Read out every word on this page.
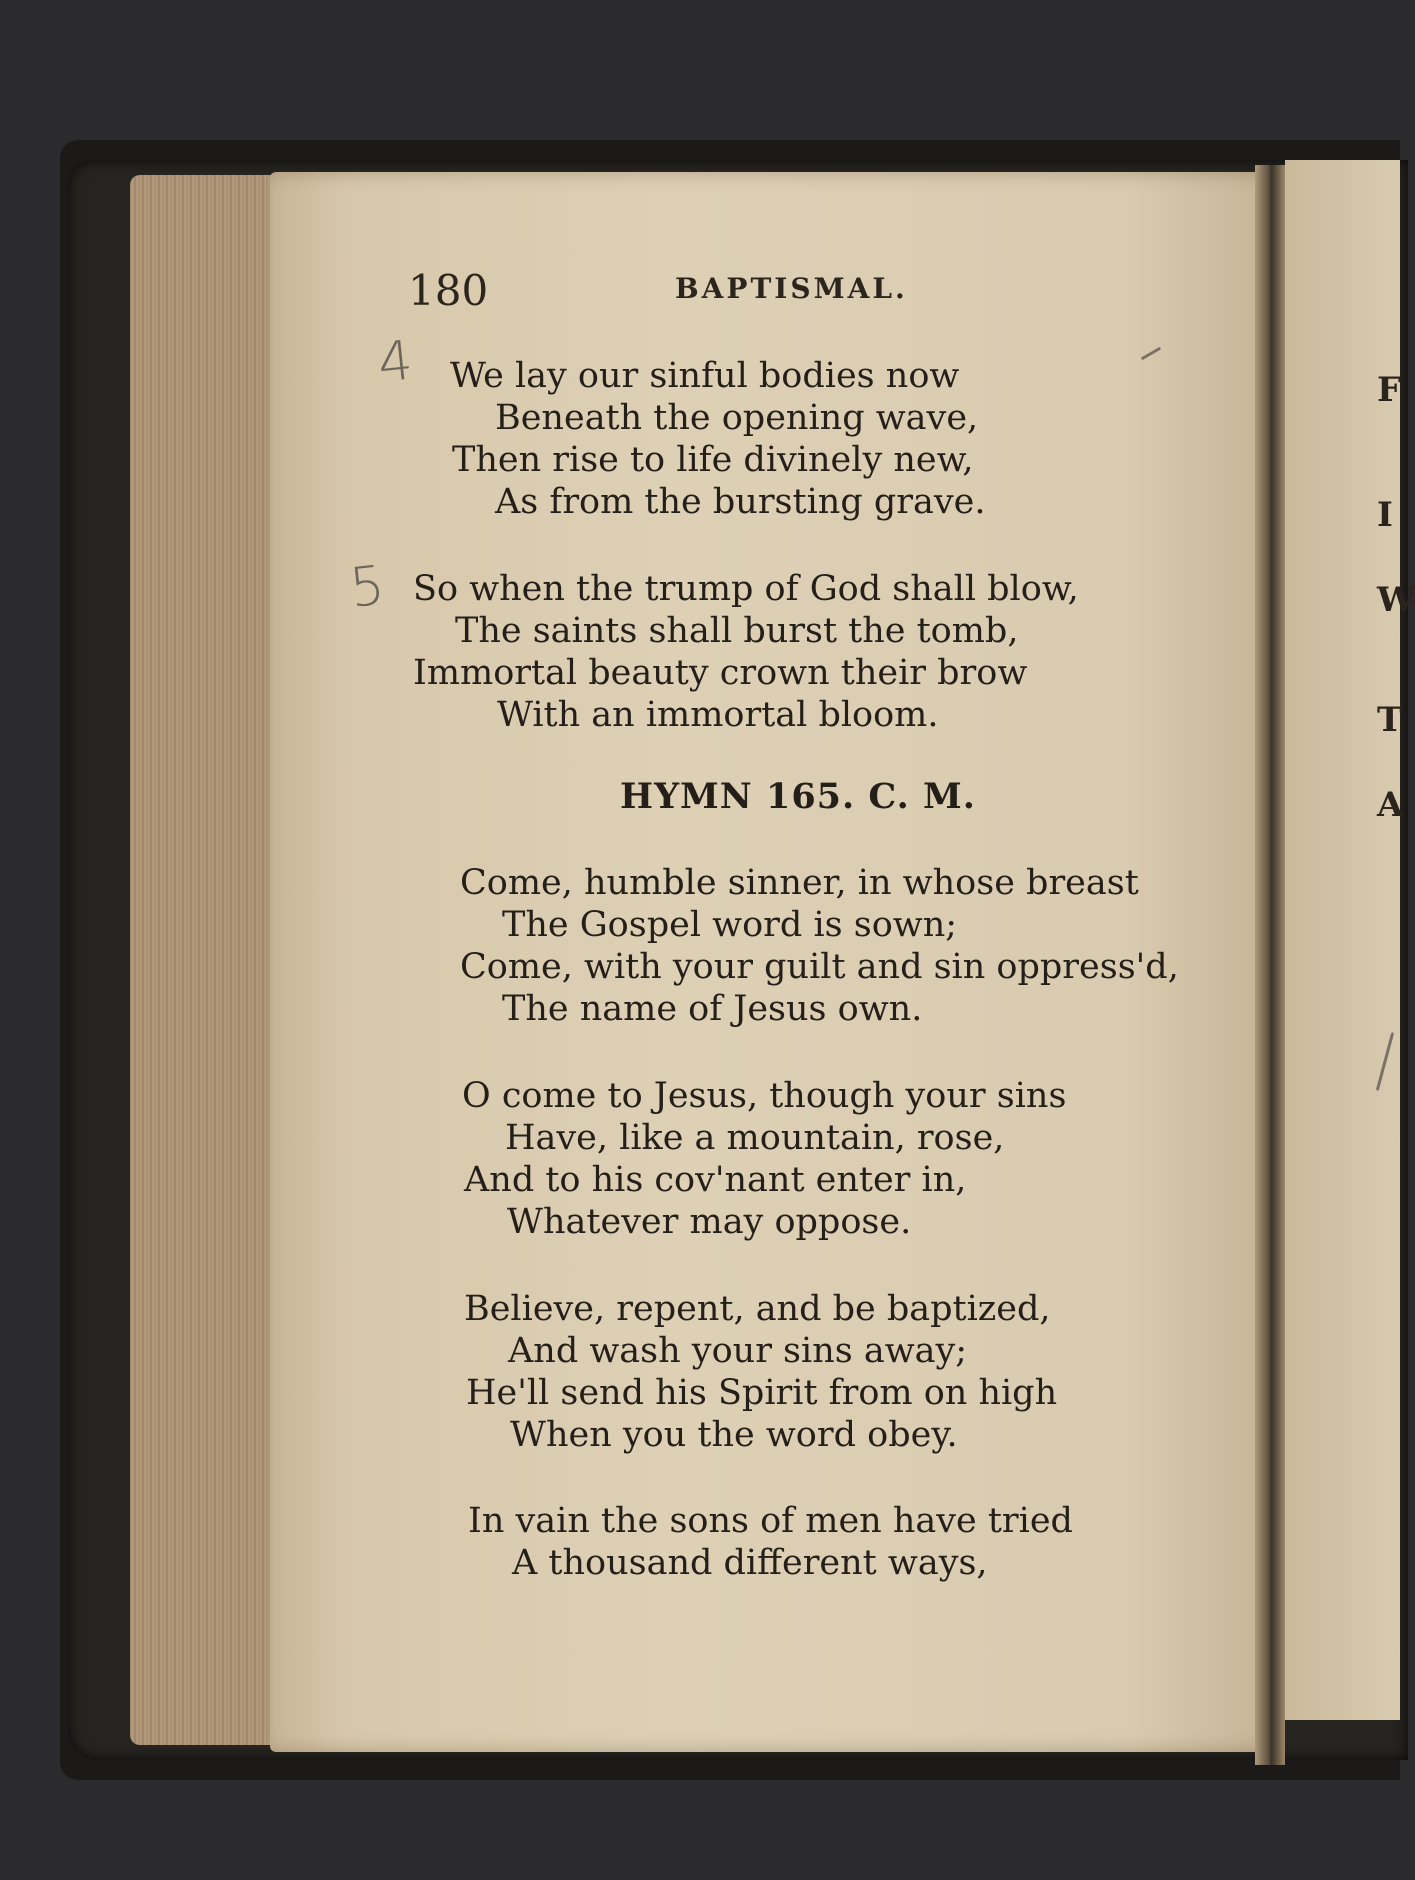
F
I
W
T
A
180	BAPTISMAL.
4
5
We lay our sinful bodies now
Beneath the opening wave,
Then rise to life divinely new,
As from the bursting grave.
So when the trump of God shall blow,
The saints shall burst the tomb,
Immortal beauty crown their brow
With an immortal bloom.
HYMN 165. C. M.
Come, humble sinner, in whose breast
The Gospel word is sown;
Come, with your guilt and sin oppress'd,
The name of Jesus own.
O come to Jesus, though your sins
Have, like a mountain, rose,
And to his cov'nant enter in,
Whatever may oppose.
Believe, repent, and be baptized,
And wash your sins away;
He'll send his Spirit from on high
When you the word obey.
In vain the sons of men have tried
A thousand different ways,
